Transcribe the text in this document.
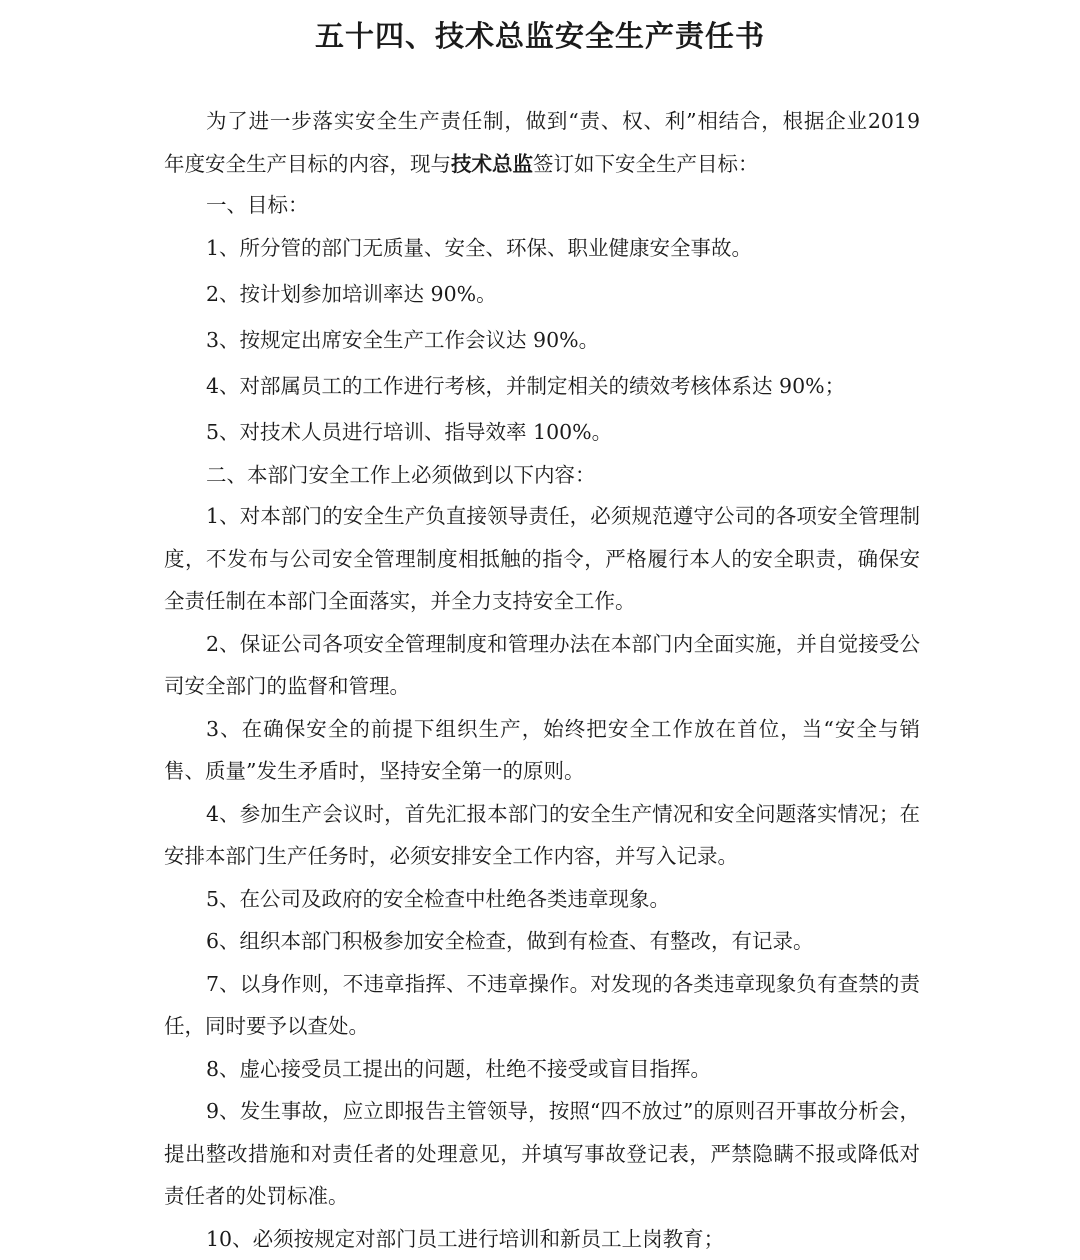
五十四、技术总监安全生产责任书

为了进一步落实安全生产责任制，做到“责、权、利”相结合，根据企业2019 年度安全生产目标的内容，现与技术总监签订如下安全生产目标：

一、目标：

1、所分管的部门无质量、安全、环保、职业健康安全事故。

2、按计划参加培训率达 90%。

3、按规定出席安全生产工作会议达 90%。

4、对部属员工的工作进行考核，并制定相关的绩效考核体系达 90%；

5、对技术人员进行培训、指导效率 100%。

二、本部门安全工作上必须做到以下内容：

1、对本部门的安全生产负直接领导责任，必须规范遵守公司的各项安全管理制度，不发布与公司安全管理制度相抵触的指令，严格履行本人的安全职责，确保安全责任制在本部门全面落实，并全力支持安全工作。

2、保证公司各项安全管理制度和管理办法在本部门内全面实施，并自觉接受公司安全部门的监督和管理。

3、在确保安全的前提下组织生产，始终把安全工作放在首位，当“安全与销售、质量”发生矛盾时，坚持安全第一的原则。

4、参加生产会议时，首先汇报本部门的安全生产情况和安全问题落实情况；在安排本部门生产任务时，必须安排安全工作内容，并写入记录。

5、在公司及政府的安全检查中杜绝各类违章现象。

6、组织本部门积极参加安全检查，做到有检查、有整改，有记录。

7、以身作则，不违章指挥、不违章操作。对发现的各类违章现象负有查禁的责任，同时要予以查处。

8、虚心接受员工提出的问题，杜绝不接受或盲目指挥。

9、发生事故，应立即报告主管领导，按照“四不放过”的原则召开事故分析会，提出整改措施和对责任者的处理意见，并填写事故登记表，严禁隐瞒不报或降低对责任者的处罚标准。

10、必须按规定对部门员工进行培训和新员工上岗教育；
